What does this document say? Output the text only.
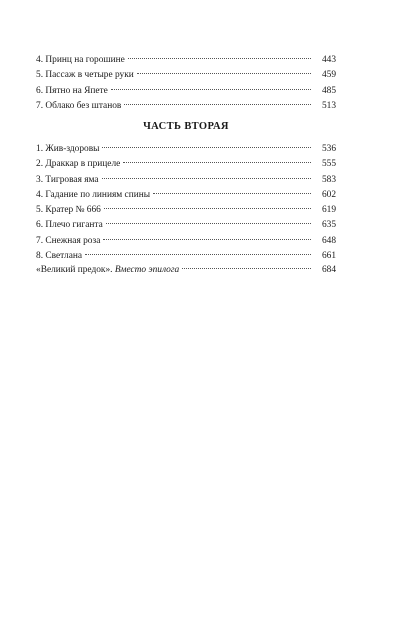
4. Принц на горошине	443
5. Пассаж в четыре руки	459
6. Пятно на Япете	485
7. Облако без штанов	513
ЧАСТЬ ВТОРАЯ
1. Жив-здоровы	536
2. Драккар в прицеле	555
3. Тигровая яма	583
4. Гадание по линиям спины	602
5. Кратер № 666	619
6. Плечо гиганта	635
7. Снежная роза	648
8. Светлана	661
«Великий предок». Вместо эпилога	684
